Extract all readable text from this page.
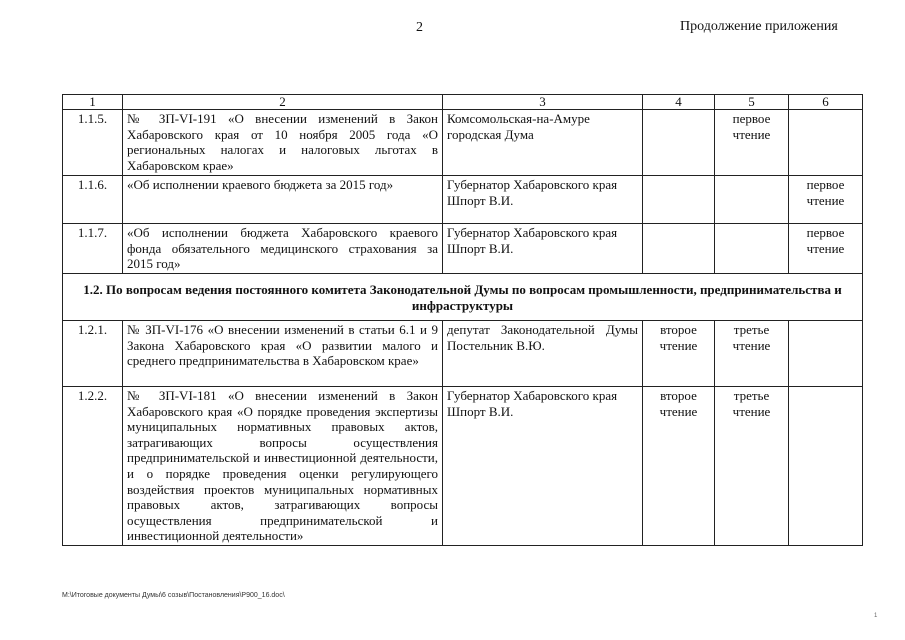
2	Продолжение приложения
1	2	3	4	5	6
1.1.5.	№ ЗП-VI-191 «О внесении изменений в Закон Хабаровского края от 10 ноября 2005 года «О региональных налогах и налоговых льготах в Хабаровском крае»	Комсомольская-на-Амуре городская Дума		первое чтение	
1.1.6.	«Об исполнении краевого бюджета за 2015 год»	Губернатор Хабаровского края Шпорт В.И.			первое чтение
1.1.7.	«Об исполнении бюджета Хабаровского краевого фонда обязательного медицинского страхования за 2015 год»	Губернатор Хабаровского края Шпорт В.И.			первое чтение
1.2. По вопросам ведения постоянного комитета Законодательной Думы по вопросам промышленности, предпринимательства и инфраструктуры					
1.2.1.	№ ЗП-VI-176 «О внесении изменений в статьи 6.1 и 9 Закона Хабаровского края «О развитии малого и среднего предпринимательства в Хабаровском крае»	депутат Законодательной Думы Постельник В.Ю.	второе чтение	третье чтение	
1.2.2.	№ ЗП-VI-181 «О внесении изменений в Закон Хабаровского края «О порядке проведения экспертизы муниципальных нормативных правовых актов, затрагивающих вопросы осуществления предпринимательской и инвестиционной деятельности, и о порядке проведения оценки регулирующего воздействия проектов муниципальных нормативных правовых актов, затрагивающих вопросы осуществления предпринимательской и инвестиционной деятельности»	Губернатор Хабаровского края Шпорт В.И.	второе чтение	третье чтение	
M:\Итоговые документы Думы\6 созыв\Постановления\Р900_16.doc\
1
